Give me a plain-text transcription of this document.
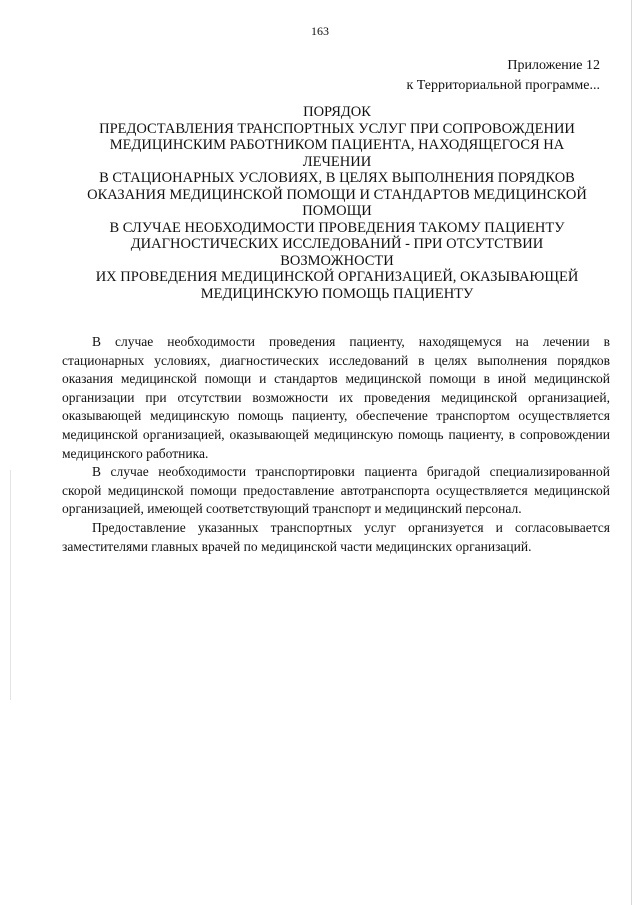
163
Приложение 12
к Территориальной программе...
ПОРЯДОК
ПРЕДОСТАВЛЕНИЯ ТРАНСПОРТНЫХ УСЛУГ ПРИ СОПРОВОЖДЕНИИ
МЕДИЦИНСКИМ РАБОТНИКОМ ПАЦИЕНТА, НАХОДЯЩЕГОСЯ НА
ЛЕЧЕНИИ
В СТАЦИОНАРНЫХ УСЛОВИЯХ, В ЦЕЛЯХ ВЫПОЛНЕНИЯ ПОРЯДКОВ
ОКАЗАНИЯ МЕДИЦИНСКОЙ ПОМОЩИ И СТАНДАРТОВ МЕДИЦИНСКОЙ
ПОМОЩИ
В СЛУЧАЕ НЕОБХОДИМОСТИ ПРОВЕДЕНИЯ ТАКОМУ ПАЦИЕНТУ
ДИАГНОСТИЧЕСКИХ ИССЛЕДОВАНИЙ - ПРИ ОТСУТСТВИИ
ВОЗМОЖНОСТИ
ИХ ПРОВЕДЕНИЯ МЕДИЦИНСКОЙ ОРГАНИЗАЦИЕЙ, ОКАЗЫВАЮЩЕЙ
МЕДИЦИНСКУЮ ПОМОЩЬ ПАЦИЕНТУ

В случае необходимости проведения пациенту, находящемуся на лечении в стационарных условиях, диагностических исследований в целях выполнения порядков оказания медицинской помощи и стандартов медицинской помощи в иной медицинской организации при отсутствии возможности их проведения медицинской организацией, оказывающей медицинскую помощь пациенту, обеспечение транспортом осуществляется медицинской организацией, оказывающей медицинскую помощь пациенту, в сопровождении медицинского работника.

В случае необходимости транспортировки пациента бригадой специализированной скорой медицинской помощи предоставление автотранспорта осуществляется медицинской организацией, имеющей соответствующий транспорт и медицинский персонал.

Предоставление указанных транспортных услуг организуется и согласовывается заместителями главных врачей по медицинской части медицинских организаций.
